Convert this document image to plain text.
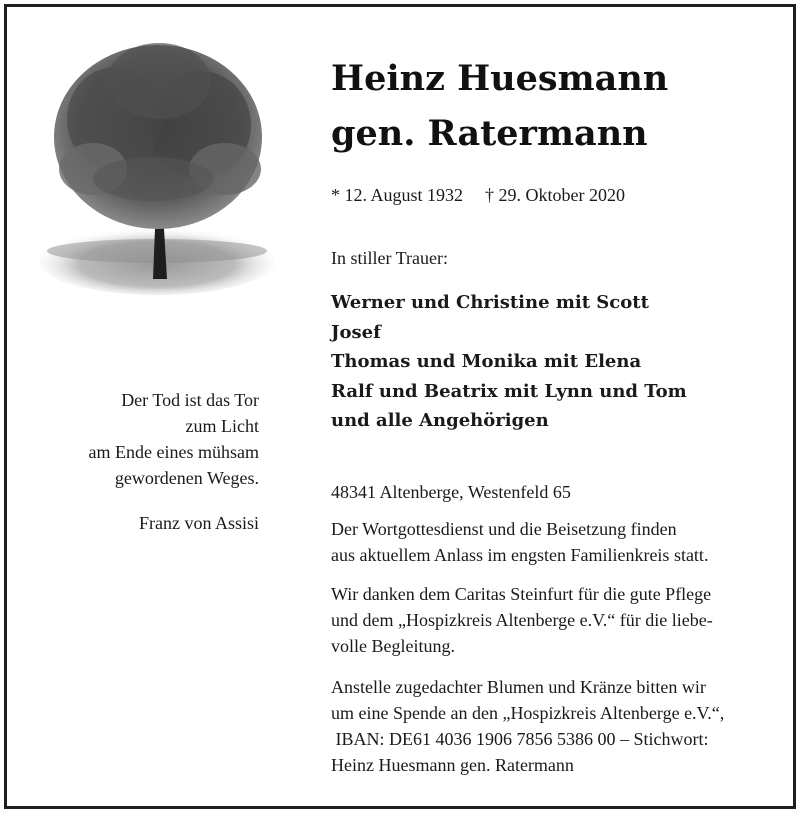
Der Tod ist das Tor
zum Licht
am Ende eines mühsam
gewordenen Weges.
Franz von Assisi
Heinz Huesmann
gen. Ratermann
* 12. August 1932 † 29. Oktober 2020
In stiller Trauer:
Werner und Christine mit Scott
Josef
Thomas und Monika mit Elena
Ralf und Beatrix mit Lynn und Tom
und alle Angehörigen
48341 Altenberge, Westenfeld 65
Der Wortgottesdienst und die Beisetzung finden
aus aktuellem Anlass im engsten Familienkreis statt.
Wir danken dem Caritas Steinfurt für die gute Pflege
und dem „Hospizkreis Altenberge e.V.“ für die liebe-
volle Begleitung.
Anstelle zugedachter Blumen und Kränze bitten wir
um eine Spende an den „Hospizkreis Altenberge e.V.“,
IBAN: DE61 4036 1906 7856 5386 00 – Stichwort:
Heinz Huesmann gen. Ratermann
